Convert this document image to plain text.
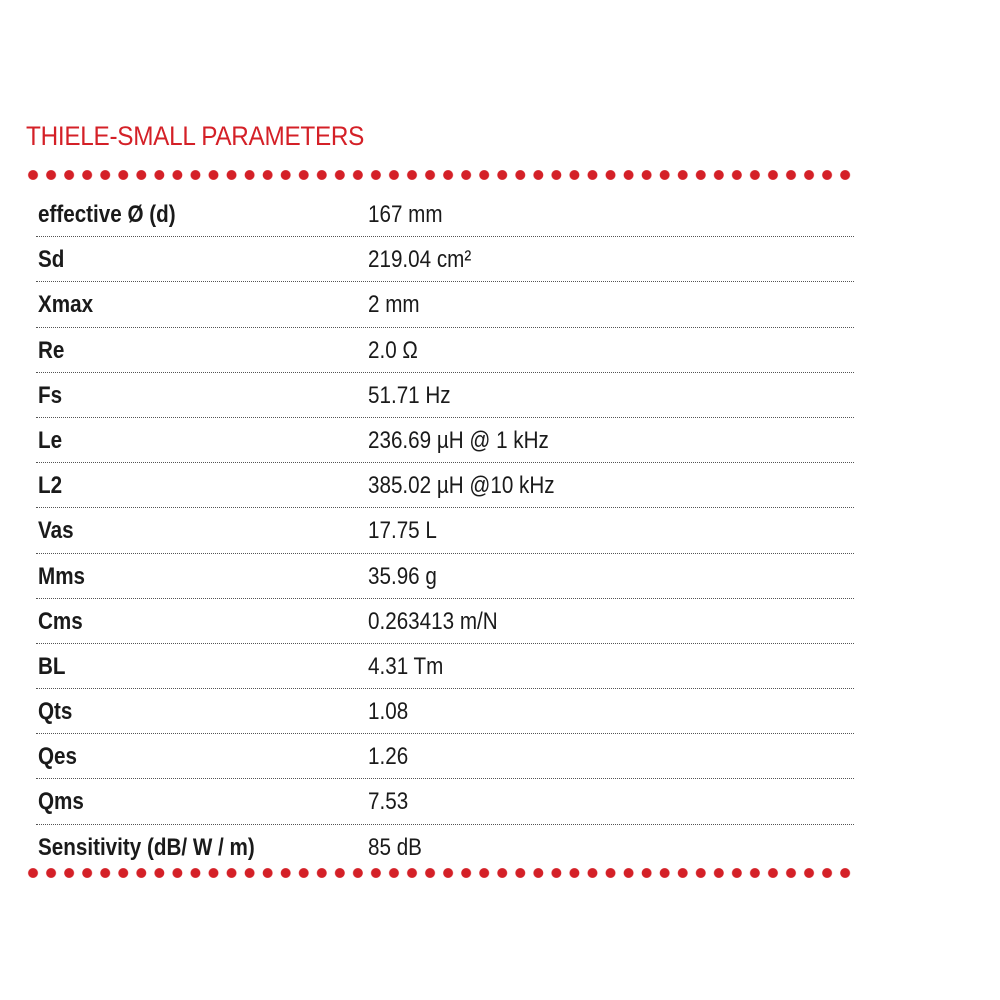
THIELE-SMALL PARAMETERS
effective Ø (d)	167 mm
Sd	219.04 cm²
Xmax	2 mm
Re	2.0 Ω
Fs	51.71 Hz
Le	236.69 µH @ 1 kHz
L2	385.02 µH @10 kHz
Vas	17.75 L
Mms	35.96 g
Cms	0.263413 m/N
BL	4.31 Tm
Qts	1.08
Qes	1.26
Qms	7.53
Sensitivity (dB/ W / m)	85 dB
